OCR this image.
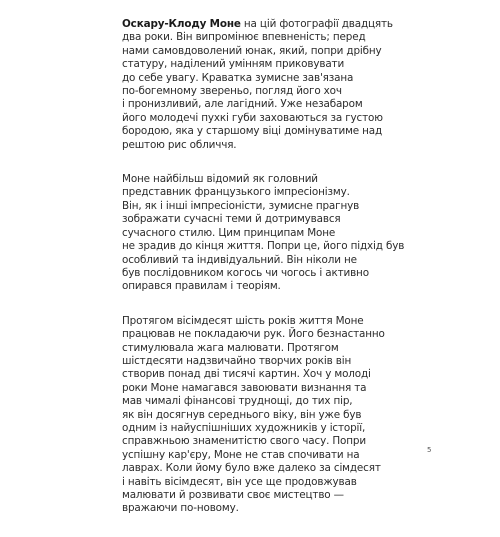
Оскару-Клоду Моне на цій фотографії двадцять
два роки. Він випромінює впевненість; перед
нами самовдоволений юнак, який, попри дрібну
статуру, наділений умінням приковувати
до себе увагу. Краватка зумисне зав'язана
по-богемному звереньо, погляд його хоч
і пронизливий, але лагідний. Уже незабаром
його молодечі пухкі губи заховаються за густою
бородою, яка у старшому віці домінуватиме над
рештою рис обличчя.

Моне найбільш відомий як головний
представник французького імпресіонізму.
Він, як і інші імпресіоністи, зумисне прагнув
зображати сучасні теми й дотримувався
сучасного стилю. Цим принципам Моне
не зрадив до кінця життя. Попри це, його підхід був
особливий та індивідуальний. Він ніколи не
був послідовником когось чи чогось і активно
опирався правилам і теоріям.

Протягом вісімдесят шість років життя Моне
працював не покладаючи рук. Його безнастанно
стимулювала жага малювати. Протягом
шістдесяти надзвичайно творчих років він
створив понад дві тисячі картин. Хоч у молоді
роки Моне намагався завоювати визнання та
мав чималі фінансові труднощі, до тих пір,
як він досягнув середнього віку, він уже був
одним із найуспішніших художників у історії,
справжньою знаменитістю свого часу. Попри
успішну кар'єру, Моне не став спочивати на
лаврах. Коли йому було вже далеко за сімдесят
і навіть вісімдесят, він усе ще продовжував
малювати й розвивати своє мистецтво —
вражаючи по-новому.

5
